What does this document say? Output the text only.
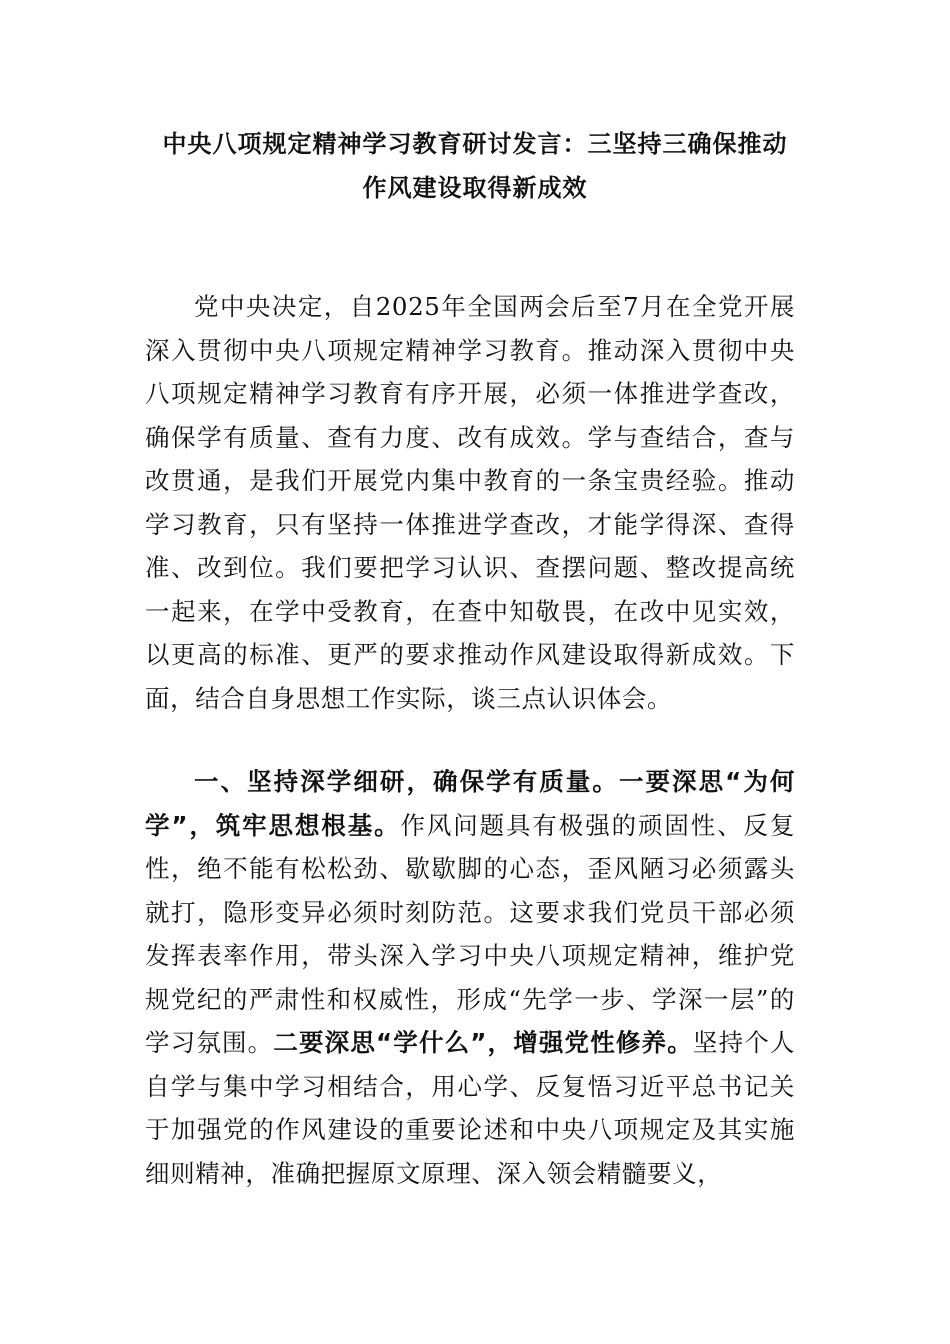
中央八项规定精神学习教育研讨发言：三坚持三确保推动
作风建设取得新成效

党中央决定，自2025年全国两会后至7月在全党开展深入贯彻中央八项规定精神学习教育。推动深入贯彻中央八项规定精神学习教育有序开展，必须一体推进学查改，确保学有质量、查有力度、改有成效。学与查结合，查与改贯通，是我们开展党内集中教育的一条宝贵经验。推动学习教育，只有坚持一体推进学查改，才能学得深、查得准、改到位。我们要把学习认识、查摆问题、整改提高统一起来，在学中受教育，在查中知敬畏，在改中见实效，以更高的标准、更严的要求推动作风建设取得新成效。下面，结合自身思想工作实际，谈三点认识体会。

一、坚持深学细研，确保学有质量。一要深思“为何学”，筑牢思想根基。作风问题具有极强的顽固性、反复性，绝不能有松松劲、歇歇脚的心态，歪风陋习必须露头就打，隐形变异必须时刻防范。这要求我们党员干部必须发挥表率作用，带头深入学习中央八项规定精神，维护党规党纪的严肃性和权威性，形成“先学一步、学深一层”的学习氛围。二要深思“学什么”，增强党性修养。坚持个人自学与集中学习相结合，用心学、反复悟习近平总书记关于加强党的作风建设的重要论述和中央八项规定及其实施细则精神，准确把握原文原理、深入领会精髓要义，
